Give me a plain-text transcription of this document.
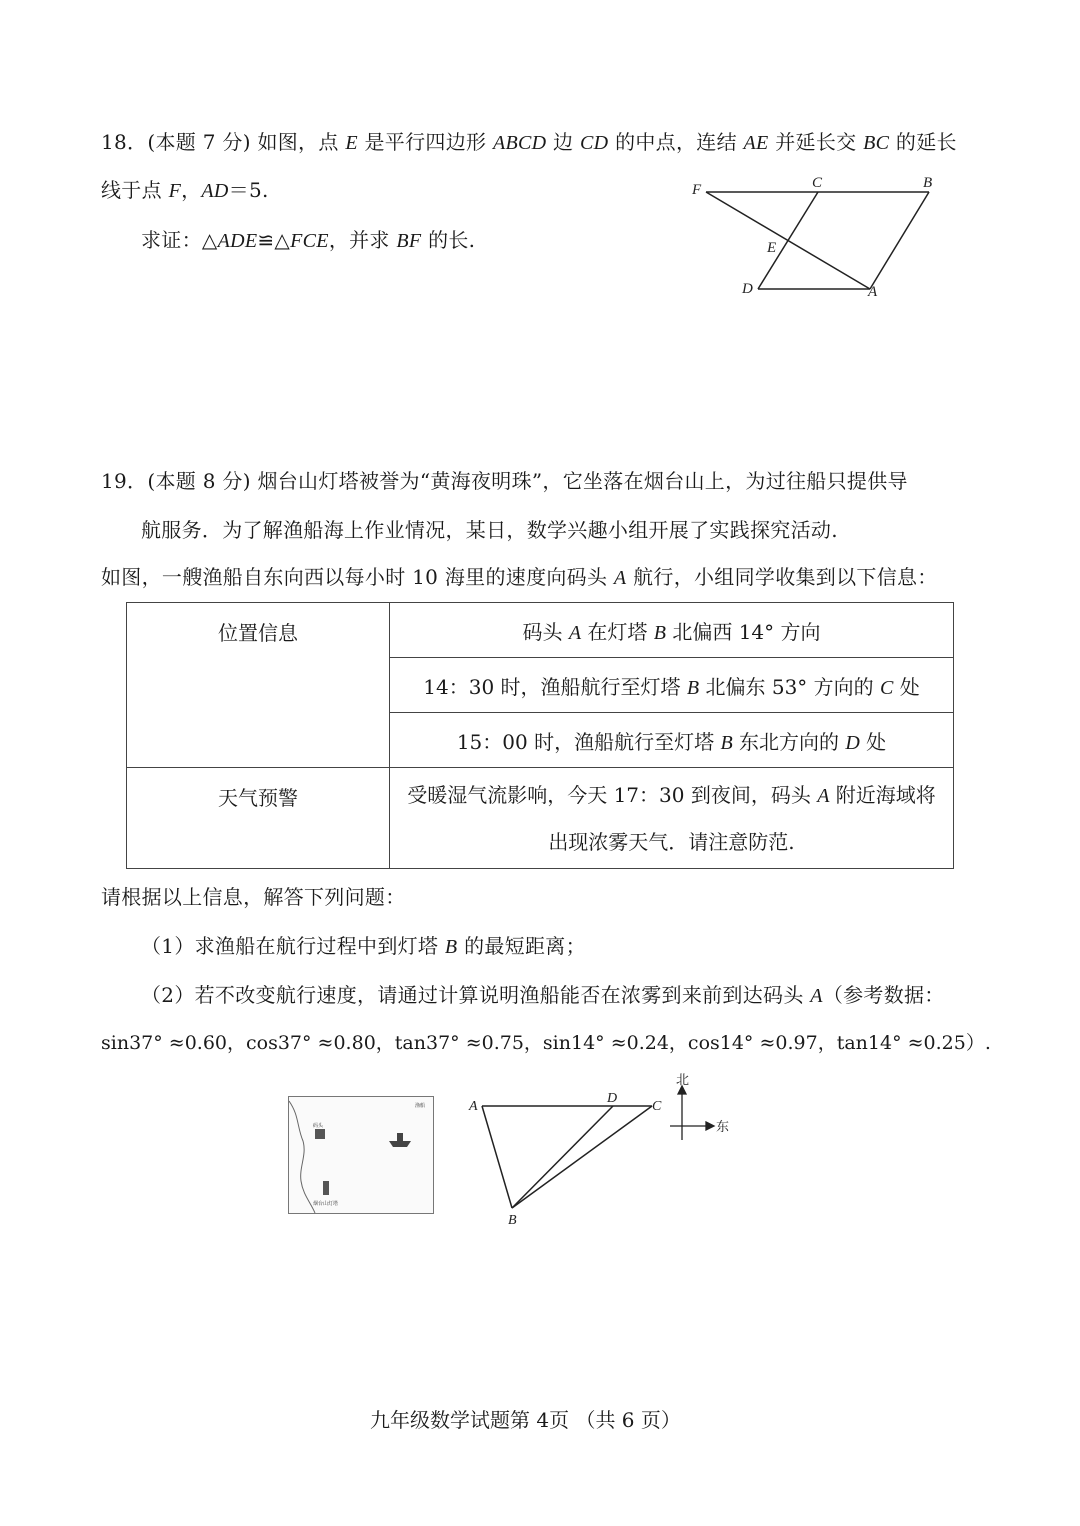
18．(本题 7 分) 如图，点 E 是平行四边形 ABCD 边 CD 的中点，连结 AE 并延长交 BC 的延长
线于点 F，AD＝5.
求证：△ADE≌△FCE，并求 BF 的长.
F	C	B
E
D	A
19．(本题 8 分) 烟台山灯塔被誉为“黄海夜明珠”，它坐落在烟台山上，为过往船只提供导
航服务．为了解渔船海上作业情况，某日，数学兴趣小组开展了实践探究活动.
如图，一艘渔船自东向西以每小时 10 海里的速度向码头 A 航行，小组同学收集到以下信息：
位置信息	码头 A 在灯塔 B 北偏西 14° 方向
	14：30 时，渔船航行至灯塔 B 北偏东 53° 方向的 C 处
	15：00 时，渔船航行至灯塔 B 东北方向的 D 处
天气预警	受暖湿气流影响，今天 17：30 到夜间，码头 A 附近海域将
出现浓雾天气．请注意防范.
请根据以上信息，解答下列问题：
（1）求渔船在航行过程中到灯塔 B 的最短距离；
（2）若不改变航行速度，请通过计算说明渔船能否在浓雾到来前到达码头 A（参考数据：
sin37° ≈0.60，cos37° ≈0.80，tan37° ≈0.75，sin14° ≈0.24，cos14° ≈0.97，tan14° ≈0.25）.
码头
烟台山灯塔
渔船	A
D
C
B
北
东
九年级数学试题第 4页 （共 6 页）
